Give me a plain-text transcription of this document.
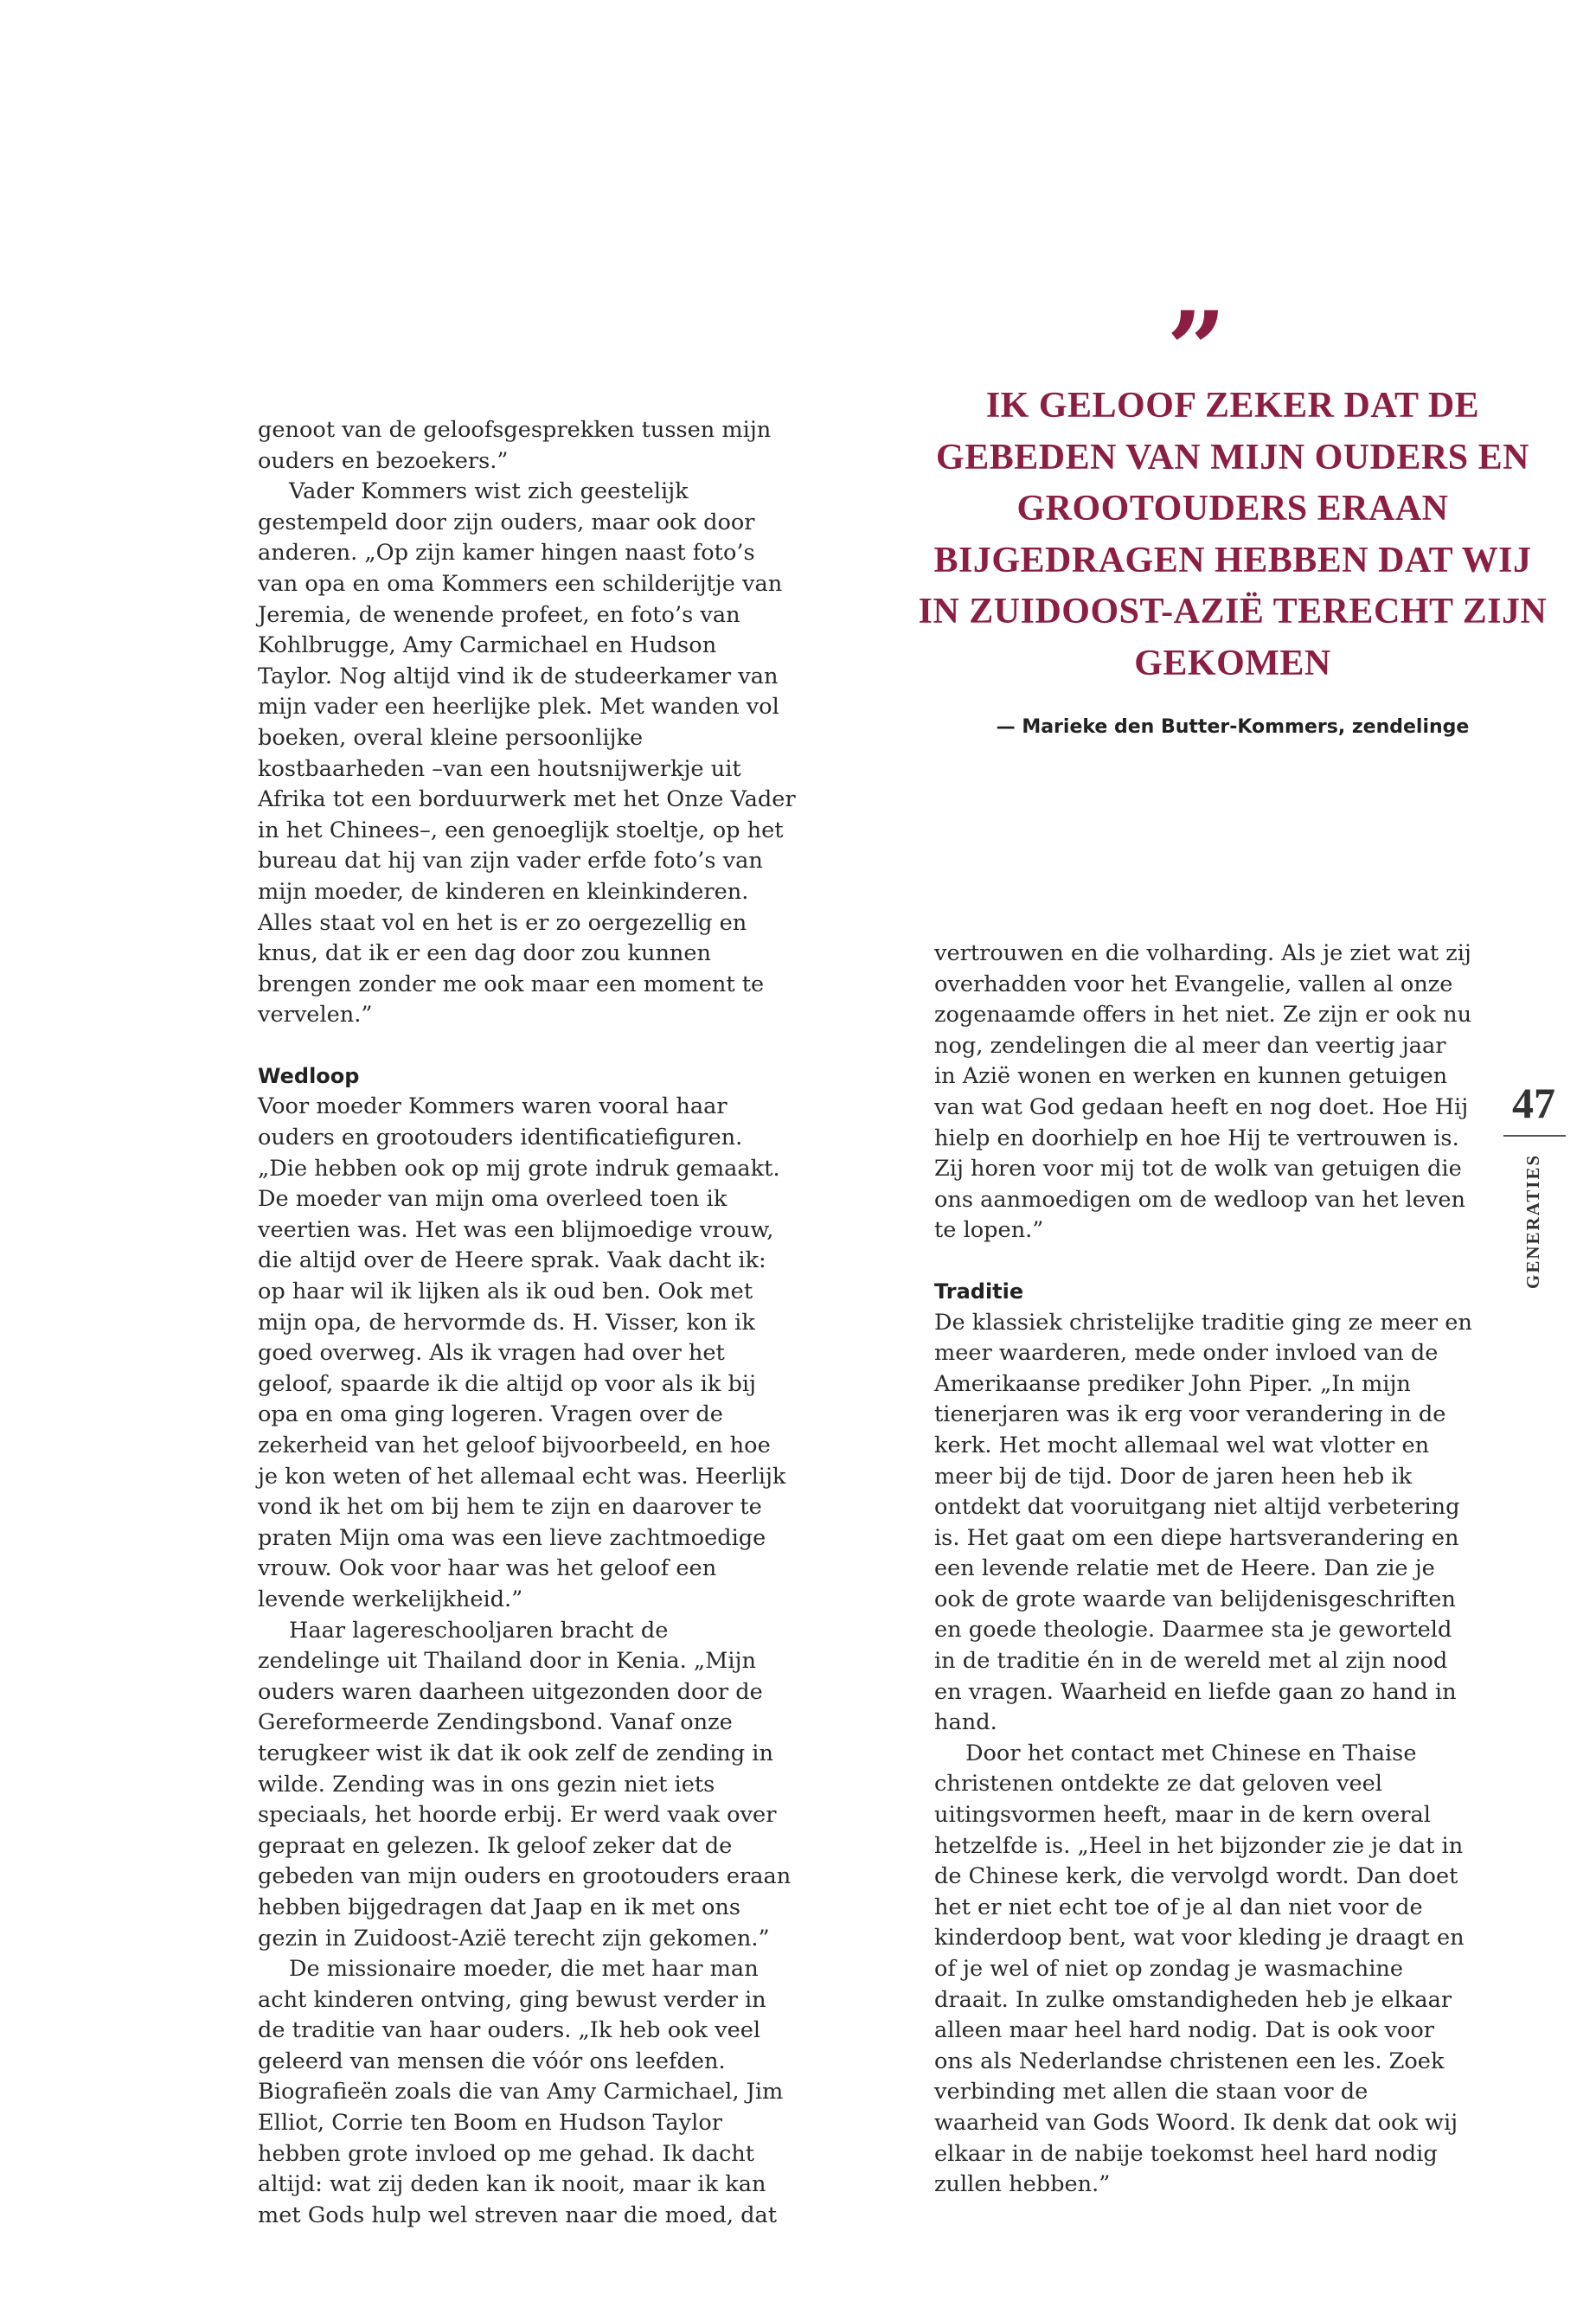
”
IK GELOOF ZEKER DAT DE GEBEDEN VAN MIJN OUDERS EN GROOTOUDERS ERAAN BIJGEDRAGEN HEBBEN DAT WIJ IN ZUIDOOST-AZIË TERECHT ZIJN GEKOMEN
— Marieke den Butter-Kommers, zendelinge

genoot van de geloofsgesprekken tussen mijn ouders en bezoekers.”

Vader Kommers wist zich geestelijk gestempeld door zijn ouders, maar ook door anderen. „Op zijn kamer hingen naast foto’s van opa en oma Kommers een schilderijtje van Jeremia, de wenende profeet, en foto’s van Kohlbrugge, Amy Carmichael en Hudson Taylor. Nog altijd vind ik de studeerkamer van mijn vader een heerlijke plek. Met wanden vol boeken, overal kleine persoonlijke kostbaarheden –van een houtsnijwerkje uit Afrika tot een borduurwerk met het Onze Vader in het Chinees–, een genoeglijk stoeltje, op het bureau dat hij van zijn vader erfde foto’s van mijn moeder, de kinderen en kleinkinderen. Alles staat vol en het is er zo oergezellig en knus, dat ik er een dag door zou kunnen brengen zonder me ook maar een moment te vervelen.”

Wedloop

Voor moeder Kommers waren vooral haar ouders en grootouders identificatiefiguren. „Die hebben ook op mij grote indruk gemaakt. De moeder van mijn oma overleed toen ik veertien was. Het was een blijmoedige vrouw, die altijd over de Heere sprak. Vaak dacht ik: op haar wil ik lijken als ik oud ben. Ook met mijn opa, de hervormde ds. H. Visser, kon ik goed overweg. Als ik vragen had over het geloof, spaarde ik die altijd op voor als ik bij opa en oma ging logeren. Vragen over de zekerheid van het geloof bijvoorbeeld, en hoe je kon weten of het allemaal echt was. Heerlijk vond ik het om bij hem te zijn en daarover te praten Mijn oma was een lieve zachtmoedige vrouw. Ook voor haar was het geloof een levende werkelijkheid.”

Haar lagereschooljaren bracht de zendelinge uit Thailand door in Kenia. „Mijn ouders waren daarheen uitgezonden door de Gereformeerde Zendingsbond. Vanaf onze terugkeer wist ik dat ik ook zelf de zending in wilde. Zending was in ons gezin niet iets speciaals, het hoorde erbij. Er werd vaak over gepraat en gelezen. Ik geloof zeker dat de gebeden van mijn ouders en grootouders eraan hebben bijgedragen dat Jaap en ik met ons gezin in Zuidoost-Azië terecht zijn gekomen.”

De missionaire moeder, die met haar man acht kinderen ontving, ging bewust verder in de traditie van haar ouders. „Ik heb ook veel geleerd van mensen die vóór ons leefden. Biografieën zoals die van Amy Carmichael, Jim Elliot, Corrie ten Boom en Hudson Taylor hebben grote invloed op me gehad. Ik dacht altijd: wat zij deden kan ik nooit, maar ik kan met Gods hulp wel streven naar die moed, dat

vertrouwen en die volharding. Als je ziet wat zij overhadden voor het Evangelie, vallen al onze zogenaamde offers in het niet. Ze zijn er ook nu nog, zendelingen die al meer dan veertig jaar in Azië wonen en werken en kunnen getuigen van wat God gedaan heeft en nog doet. Hoe Hij hielp en doorhielp en hoe Hij te vertrouwen is. Zij horen voor mij tot de wolk van getuigen die ons aanmoedigen om de wedloop van het leven te lopen.”

Traditie

De klassiek christelijke traditie ging ze meer en meer waarderen, mede onder invloed van de Amerikaanse prediker John Piper. „In mijn tienerjaren was ik erg voor verandering in de kerk. Het mocht allemaal wel wat vlotter en meer bij de tijd. Door de jaren heen heb ik ontdekt dat vooruitgang niet altijd verbetering is. Het gaat om een diepe hartsverandering en een levende relatie met de Heere. Dan zie je ook de grote waarde van belijdenisgeschriften en goede theologie. Daarmee sta je geworteld in de traditie én in de wereld met al zijn nood en vragen. Waarheid en liefde gaan zo hand in hand.

Door het contact met Chinese en Thaise christenen ontdekte ze dat geloven veel uitingsvormen heeft, maar in de kern overal hetzelfde is. „Heel in het bijzonder zie je dat in de Chinese kerk, die vervolgd wordt. Dan doet het er niet echt toe of je al dan niet voor de kinderdoop bent, wat voor kleding je draagt en of je wel of niet op zondag je wasmachine draait. In zulke omstandigheden heb je elkaar alleen maar heel hard nodig. Dat is ook voor ons als Nederlandse christenen een les. Zoek verbinding met allen die staan voor de waarheid van Gods Woord. Ik denk dat ook wij elkaar in de nabije toekomst heel hard nodig zullen hebben.”

47
GENERATIES
